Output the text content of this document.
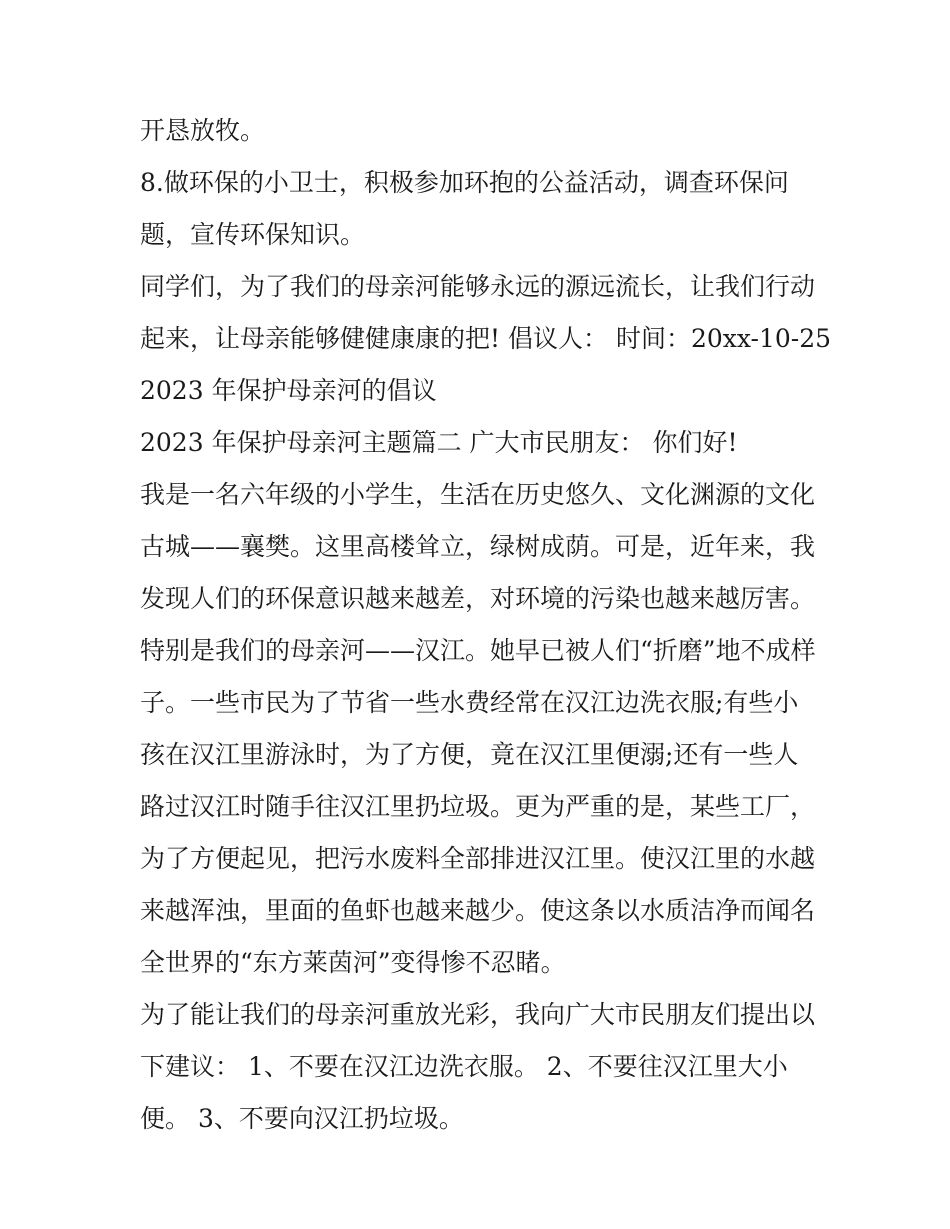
开恳放牧。
8.做环保的小卫士，积极参加环抱的公益活动，调查环保问
题，宣传环保知识。
同学们，为了我们的母亲河能够永远的源远流长，让我们行动
起来，让母亲能够健健康康的把! 倡议人： 时间：20xx-10-25
2023 年保护母亲河的倡议
2023 年保护母亲河主题篇二 广大市民朋友： 你们好!
我是一名六年级的小学生，生活在历史悠久、文化渊源的文化
古城——襄樊。这里高楼耸立，绿树成荫。可是，近年来，我
发现人们的环保意识越来越差，对环境的污染也越来越厉害。
特别是我们的母亲河——汉江。她早已被人们“折磨”地不成样
子。一些市民为了节省一些水费经常在汉江边洗衣服;有些小
孩在汉江里游泳时，为了方便，竟在汉江里便溺;还有一些人
路过汉江时随手往汉江里扔垃圾。更为严重的是，某些工厂，
为了方便起见，把污水废料全部排进汉江里。使汉江里的水越
来越浑浊，里面的鱼虾也越来越少。使这条以水质洁净而闻名
全世界的“东方莱茵河”变得惨不忍睹。
为了能让我们的母亲河重放光彩，我向广大市民朋友们提出以
下建议： 1、不要在汉江边洗衣服。 2、不要往汉江里大小
便。 3、不要向汉江扔垃圾。
